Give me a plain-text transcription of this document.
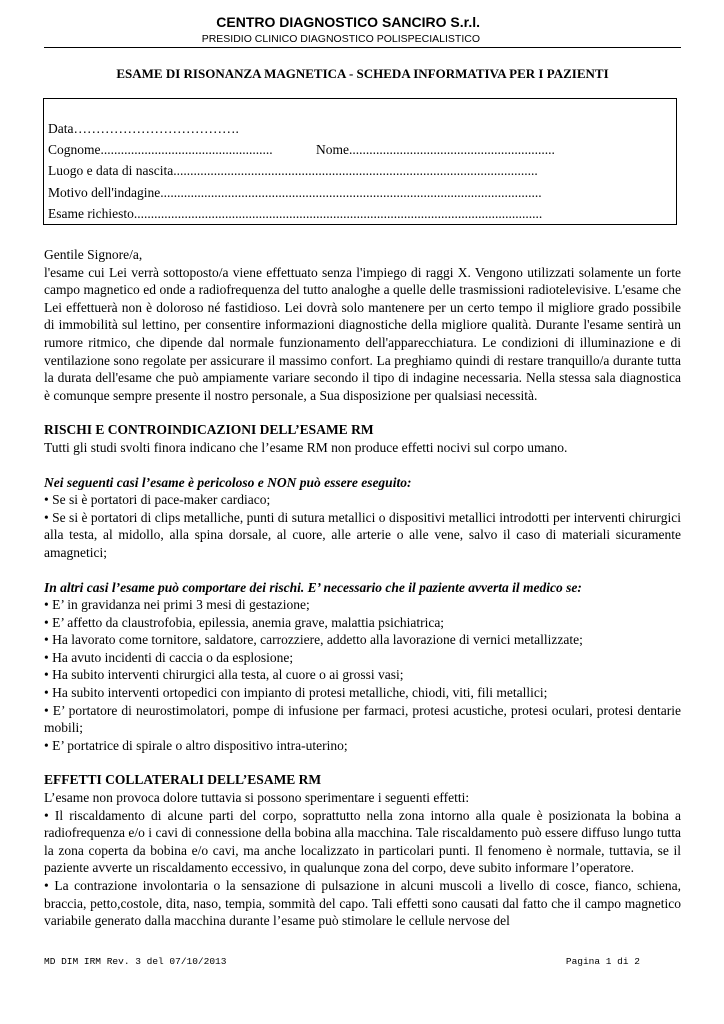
CENTRO DIAGNOSTICO SANCIRO S.r.l.
PRESIDIO CLINICO DIAGNOSTICO POLISPECIALISTICO
ESAME DI RISONANZA MAGNETICA - SCHEDA INFORMATIVA PER I PAZIENTI
Data……………………………….
Cognome...................................................	Nome.............................................................
Luogo e data di nascita............................................................................................................
Motivo dell'indagine.................................................................................................................
Esame richiesto.........................................................................................................................

Gentile Signore/a,

l'esame cui Lei verrà sottoposto/a viene effettuato senza l'impiego di raggi X. Vengono utilizzati solamente un forte campo magnetico ed onde a radiofrequenza del tutto analoghe a quelle delle trasmissioni radiotelevisive. L'esame che Lei effettuerà non è doloroso né fastidioso. Lei dovrà solo mantenere per un certo tempo il migliore grado possibile di immobilità sul lettino, per consentire informazioni diagnostiche della migliore qualità. Durante l'esame sentirà un rumore ritmico, che dipende dal normale funzionamento dell'apparecchiatura. Le condizioni di illuminazione e di ventilazione sono regolate per assicurare il massimo confort. La preghiamo quindi di restare tranquillo/a durante tutta la durata dell'esame che può ampiamente variare secondo il tipo di indagine necessaria. Nella stessa sala diagnostica è comunque sempre presente il nostro personale, a Sua disposizione per qualsiasi necessità.

RISCHI E CONTROINDICAZIONI DELL’ESAME RM

Tutti gli studi svolti finora indicano che l’esame RM non produce effetti nocivi sul corpo umano.

Nei seguenti casi l’esame è pericoloso e NON può essere eseguito:

• Se si è portatori di pace-maker cardiaco;

• Se si è portatori di clips metalliche, punti di sutura metallici o dispositivi metallici introdotti per interventi chirurgici alla testa, al midollo, alla spina dorsale, al cuore, alle arterie o alle vene, salvo il caso di materiali sicuramente amagnetici;

In altri casi l’esame può comportare dei rischi. E’ necessario che il paziente avverta il medico se:

• E’ in gravidanza nei primi 3 mesi di gestazione;

• E’ affetto da claustrofobia, epilessia, anemia grave, malattia psichiatrica;

• Ha lavorato come tornitore, saldatore, carrozziere, addetto alla lavorazione di vernici metallizzate;

• Ha avuto incidenti di caccia o da esplosione;

• Ha subito interventi chirurgici alla testa, al cuore o ai grossi vasi;

• Ha subito interventi ortopedici con impianto di protesi metalliche, chiodi, viti, fili metallici;

• E’ portatore di neurostimolatori, pompe di infusione per farmaci, protesi acustiche, protesi oculari, protesi dentarie mobili;

• E’ portatrice di spirale o altro dispositivo intra-uterino;

EFFETTI COLLATERALI DELL’ESAME RM

L’esame non provoca dolore tuttavia si possono sperimentare i seguenti effetti:

• Il riscaldamento di alcune parti del corpo, soprattutto nella zona intorno alla quale è posizionata la bobina a radiofrequenza e/o i cavi di connessione della bobina alla macchina. Tale riscaldamento può essere diffuso lungo tutta la zona coperta da bobina e/o cavi, ma anche localizzato in particolari punti. Il fenomeno è normale, tuttavia, se il paziente avverte un riscaldamento eccessivo, in qualunque zona del corpo, deve subito informare l’operatore.

• La contrazione involontaria o la sensazione di pulsazione in alcuni muscoli a livello di cosce, fianco, schiena, braccia, petto,costole, dita, naso, tempia, sommità del capo. Tali effetti sono causati dal fatto che il campo magnetico variabile generato dalla macchina durante l’esame può stimolare le cellule nervose del

MD DIM IRM Rev. 3 del 07/10/2013	Pagina 1 di 2
